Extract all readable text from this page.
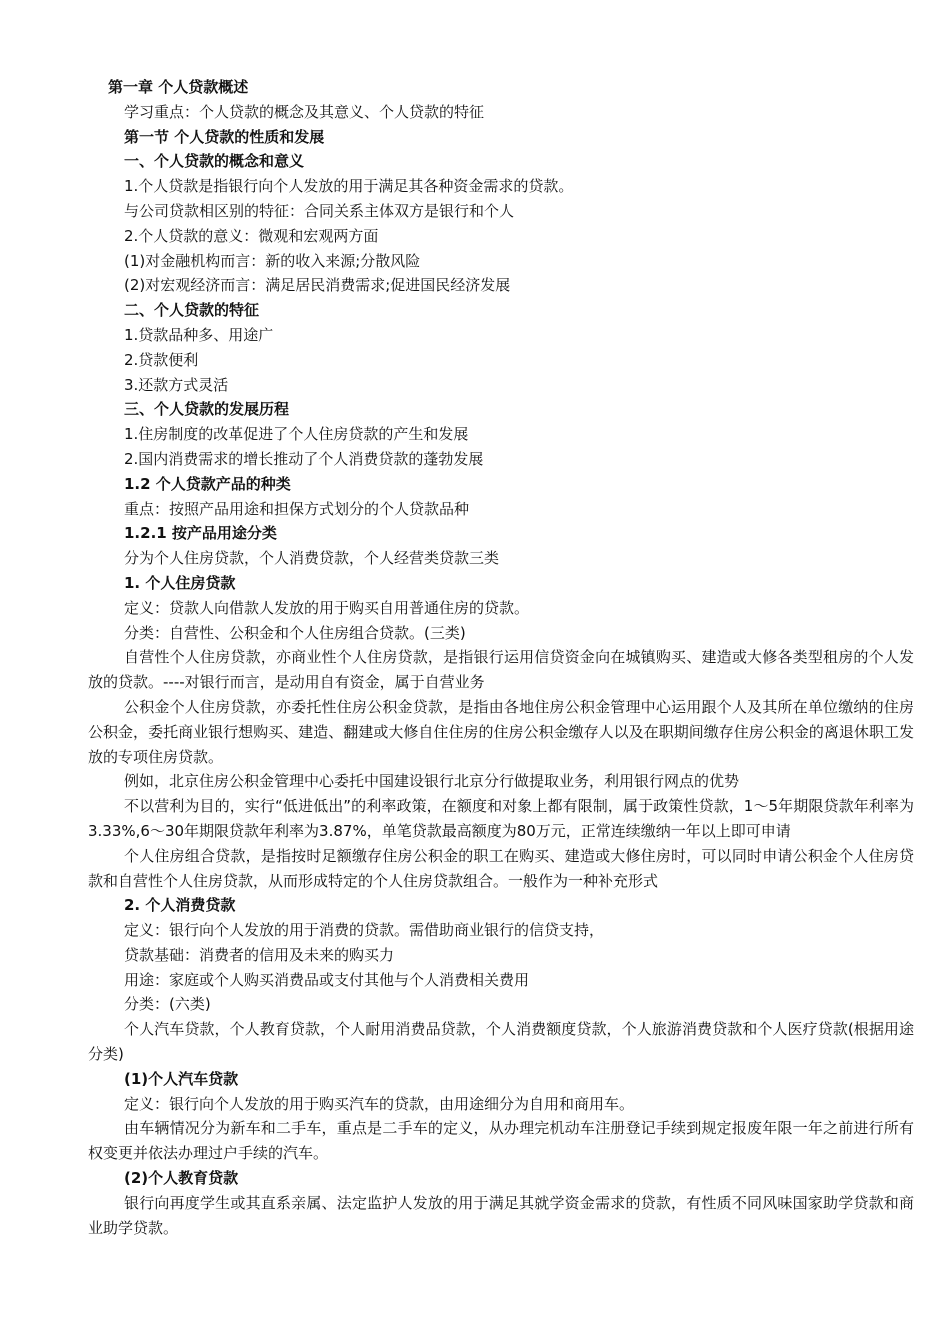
第一章 个人贷款概述

学习重点：个人贷款的概念及其意义、个人贷款的特征

第一节 个人贷款的性质和发展

一、个人贷款的概念和意义

1.个人贷款是指银行向个人发放的用于满足其各种资金需求的贷款。

与公司贷款相区别的特征：合同关系主体双方是银行和个人

2.个人贷款的意义：微观和宏观两方面

(1)对金融机构而言：新的收入来源;分散风险

(2)对宏观经济而言：满足居民消费需求;促进国民经济发展

二、个人贷款的特征

1.贷款品种多、用途广

2.贷款便利

3.还款方式灵活

三、个人贷款的发展历程

1.住房制度的改革促进了个人住房贷款的产生和发展

2.国内消费需求的增长推动了个人消费贷款的蓬勃发展

1.2 个人贷款产品的种类

重点：按照产品用途和担保方式划分的个人贷款品种

1.2.1 按产品用途分类

分为个人住房贷款，个人消费贷款，个人经营类贷款三类

1. 个人住房贷款

定义：贷款人向借款人发放的用于购买自用普通住房的贷款。

分类：自营性、公积金和个人住房组合贷款。(三类)

自营性个人住房贷款，亦商业性个人住房贷款，是指银行运用信贷资金向在城镇购买、建造或大修各类型租房的个人发放的贷款。----对银行而言，是动用自有资金，属于自营业务

公积金个人住房贷款，亦委托性住房公积金贷款，是指由各地住房公积金管理中心运用跟个人及其所在单位缴纳的住房公积金，委托商业银行想购买、建造、翻建或大修自住住房的住房公积金缴存人以及在职期间缴存住房公积金的离退休职工发放的专项住房贷款。

例如，北京住房公积金管理中心委托中国建设银行北京分行做提取业务，利用银行网点的优势

不以营利为目的，实行“低进低出”的利率政策，在额度和对象上都有限制，属于政策性贷款，1～5年期限贷款年利率为3.33%,6～30年期限贷款年利率为3.87%，单笔贷款最高额度为80万元，正常连续缴纳一年以上即可申请

个人住房组合贷款，是指按时足额缴存住房公积金的职工在购买、建造或大修住房时，可以同时申请公积金个人住房贷款和自营性个人住房贷款，从而形成特定的个人住房贷款组合。一般作为一种补充形式

2. 个人消费贷款

定义：银行向个人发放的用于消费的贷款。需借助商业银行的信贷支持，

贷款基础：消费者的信用及未来的购买力

用途：家庭或个人购买消费品或支付其他与个人消费相关费用

分类：(六类)

个人汽车贷款，个人教育贷款，个人耐用消费品贷款，个人消费额度贷款，个人旅游消费贷款和个人医疗贷款(根据用途分类)

(1)个人汽车贷款

定义：银行向个人发放的用于购买汽车的贷款，由用途细分为自用和商用车。

由车辆情况分为新车和二手车，重点是二手车的定义，从办理完机动车注册登记手续到规定报废年限一年之前进行所有权变更并依法办理过户手续的汽车。

(2)个人教育贷款

银行向再度学生或其直系亲属、法定监护人发放的用于满足其就学资金需求的贷款，有性质不同风味国家助学贷款和商业助学贷款。
